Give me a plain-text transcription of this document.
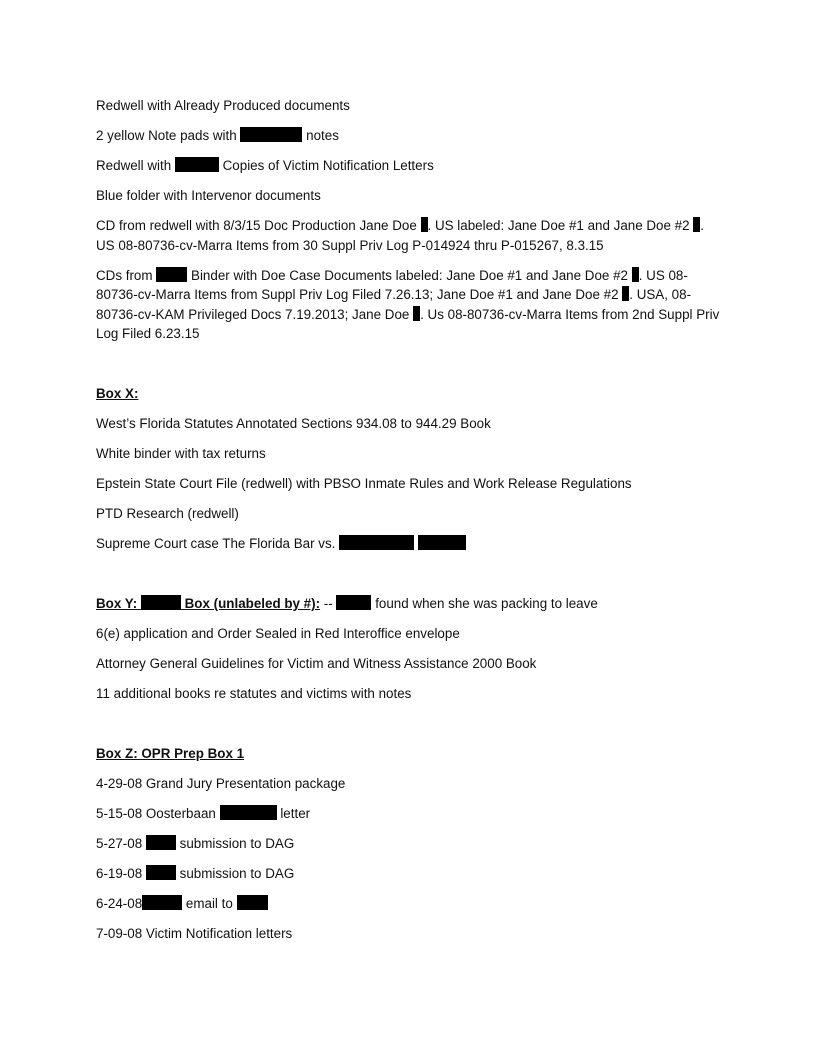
Redwell with Already Produced documents

2 yellow Note pads with	notes

Redwell with	Copies of Victim Notification Letters

Blue folder with Intervenor documents

CD from redwell with 8/3/15 Doc Production Jane Doe . US labeled: Jane Doe #1 and Jane Doe #2 . US 08-80736-cv-Marra Items from 30 Suppl Priv Log P-014924 thru P-015267, 8.3.15

CDs from	Binder with Doe Case Documents labeled: Jane Doe #1 and Jane Doe #2 . US 08-80736-cv-Marra Items from Suppl Priv Log Filed 7.26.13; Jane Doe #1 and Jane Doe #2 . USA, 08-80736-cv-KAM Privileged Docs 7.19.2013; Jane Doe . Us 08-80736-cv-Marra Items from 2nd Suppl Priv Log Filed 6.23.15

Box X:

West’s Florida Statutes Annotated Sections 934.08 to 944.29 Book

White binder with tax returns

Epstein State Court File (redwell) with PBSO Inmate Rules and Work Release Regulations

PTD Research (redwell)

Supreme Court case The Florida Bar vs.

Box Y:	Box (unlabeled by #): --	found when she was packing to leave

6(e) application and Order Sealed in Red Interoffice envelope

Attorney General Guidelines for Victim and Witness Assistance 2000 Book

11 additional books re statutes and victims with notes

Box Z: OPR Prep Box 1

4-29-08 Grand Jury Presentation package

5-15-08 Oosterbaan	letter

5-27-08	submission to DAG

6-19-08	submission to DAG

6-24-08	email to

7-09-08 Victim Notification letters
